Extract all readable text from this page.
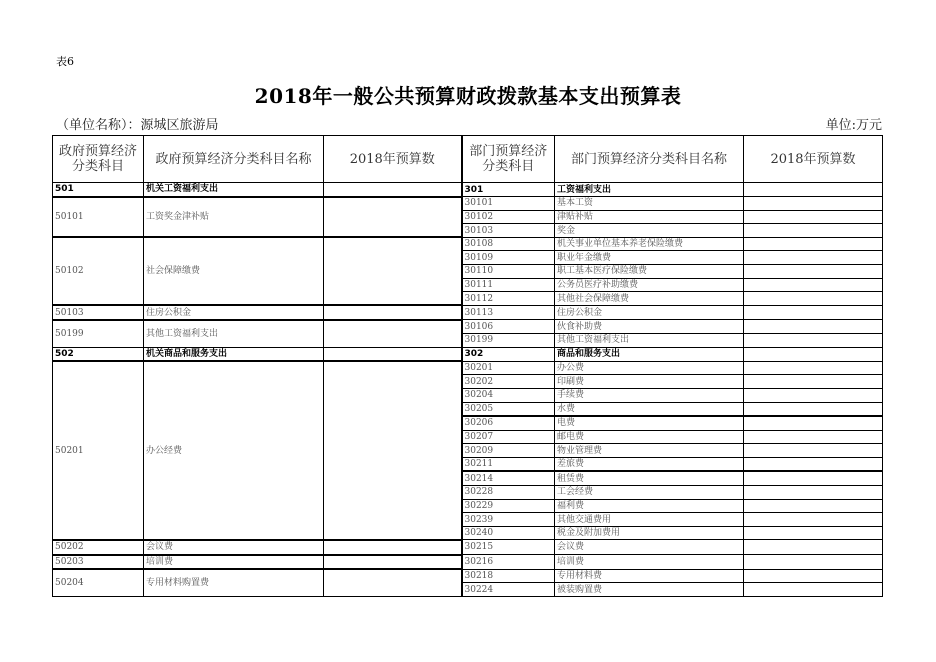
表6
2018年一般公共预算财政拨款基本支出预算表
（单位名称）：源城区旅游局	单位:万元
政府预算经济分类科目	政府预算经济分类科目名称	2018年预算数	部门预算经济分类科目	部门预算经济分类科目名称	2018年预算数
501	机关工资福利支出		301	工资福利支出	
50101	工资奖金津补贴		30101	基本工资	
			30102	津贴补贴	
			30103	奖金	
50102	社会保障缴费		30108	机关事业单位基本养老保险缴费	
			30109	职业年金缴费	
			30110	职工基本医疗保险缴费	
			30111	公务员医疗补助缴费	
			30112	其他社会保障缴费	
50103	住房公积金		30113	住房公积金	
50199	其他工资福利支出		30106	伙食补助费	
			30199	其他工资福利支出	
502	机关商品和服务支出		302	商品和服务支出	
50201	办公经费		30201	办公费	
			30202	印刷费	
			30204	手续费	
			30205	水费	
			30206	电费	
			30207	邮电费	
			30209	物业管理费	
			30211	差旅费	
			30214	租赁费	
			30228	工会经费	
			30229	福利费	
			30239	其他交通费用	
			30240	税金及附加费用	
50202	会议费		30215	会议费	
50203	培训费		30216	培训费	
50204	专用材料购置费		30218	专用材料费	
			30224	被装购置费	
